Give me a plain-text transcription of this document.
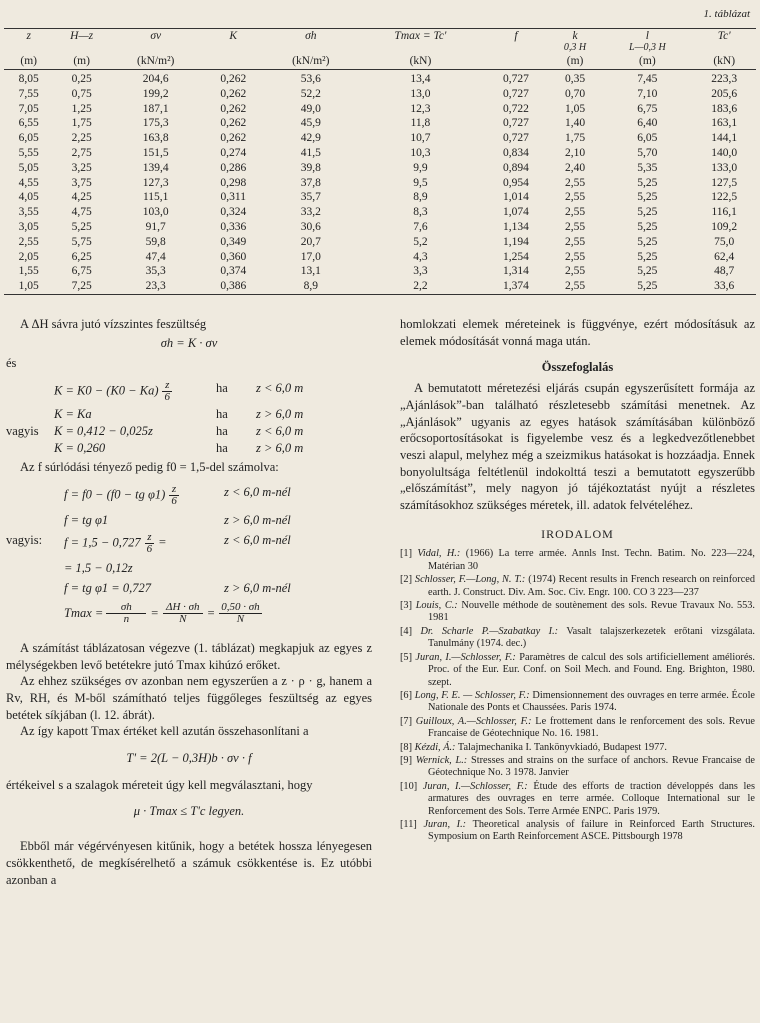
1. táblázat
z	H—z	σv	K	σh	Tmax = Tc'	f	k	l	Tc'
							0,3 H	L—0,3 H	
(m)	(m)	(kN/m²)		(kN/m²)	(kN)		(m)	(m)	(kN)
8,05	0,25	204,6	0,262	53,6	13,4	0,727	0,35	7,45	223,3
7,55	0,75	199,2	0,262	52,2	13,0	0,727	0,70	7,10	205,6
7,05	1,25	187,1	0,262	49,0	12,3	0,722	1,05	6,75	183,6
6,55	1,75	175,3	0,262	45,9	11,8	0,727	1,40	6,40	163,1
6,05	2,25	163,8	0,262	42,9	10,7	0,727	1,75	6,05	144,1
5,55	2,75	151,5	0,274	41,5	10,3	0,834	2,10	5,70	140,0
5,05	3,25	139,4	0,286	39,8	9,9	0,894	2,40	5,35	133,0
4,55	3,75	127,3	0,298	37,8	9,5	0,954	2,55	5,25	127,5
4,05	4,25	115,1	0,311	35,7	8,9	1,014	2,55	5,25	122,5
3,55	4,75	103,0	0,324	33,2	8,3	1,074	2,55	5,25	116,1
3,05	5,25	91,7	0,336	30,6	7,6	1,134	2,55	5,25	109,2
2,55	5,75	59,8	0,349	20,7	5,2	1,194	2,55	5,25	75,0
2,05	6,25	47,4	0,360	17,0	4,3	1,254	2,55	5,25	62,4
1,55	6,75	35,3	0,374	13,1	3,3	1,314	2,55	5,25	48,7
1,05	7,25	23,3	0,386	8,9	2,2	1,374	2,55	5,25	33,6

A ΔH sávra jutó vízszintes feszültség

σh = K · σv

és

$K = K0 - (K0 - Ka) \frac{z}{6}$	ha z < 6,0 m
K = Ka	ha z > 6,0 m
vagyis K = 0,412 − 0,025z	ha z < 6,0 m
K = 0,260	ha z > 6,0 m

Az f súrlódási tényező pedig f0 = 1,5-del számolva:

f = f0 − (f0 − tg $\varphi 1) \frac{z}{6}$	z < 6,0 m-nél
f = tg φ1	z > 6,0 m-nél
vagyis: $f = 1,5 - 0,727 \frac{z}{6}$ =	z < 6,0 m-nél
= 1,5 − 0,12z
f = tg φ1 = 0,727	z > 6,0 m-nél
$Tmax = \frac{\sigma h}{n} = \frac{\Delta H \cdot \sigma h}{N} = \frac{0,50 \cdot \sigma h}{N}$

A számítást táblázatosan végezve (1. táblázat) megkapjuk az egyes z mélységekben levő betétekre jutó Tmax kihúzó erőket.

Az ehhez szükséges σv azonban nem egyszerűen a z · ρ · g, hanem a Rv, RH, és M-ből számítható teljes függőleges feszültség az egyes betétek síkjában (l. 12. ábrát).

Az így kapott Tmax értéket kell azután összehasonlítani a

T' = 2(L − 0,3H)b · σv · f

értékeivel s a szalagok méreteit úgy kell megválasztani, hogy

μ · Tmax ≤ T'c legyen.

Ebből már végérvényesen kitűnik, hogy a betétek hossza lényegesen csökkenthető, de megkísérelhető a számuk csökkentése is. Ez utóbbi azonban a

homlokzati elemek méreteinek is függvénye, ezért módosításuk az elemek módosítását vonná maga után.

Összefoglalás

A bemutatott méretezési eljárás csupán egyszerűsített formája az „Ajánlások”-ban található részletesebb számítási menetnek. Az „Ajánlások” ugyanis az egyes hatások számításában különböző erőcsoportosításokat is figyelembe vesz és a legkedvezőtlenebbet veszi alapul, melyhez még a szeizmikus hatásokat is hozzáadja. Ennek bonyolultsága feltétlenül indokolttá teszi a bemutatott egyszerűbb „előszámítást”, mely nagyon jó tájékoztatást nyújt a részletes számításokhoz szükséges méretek, ill. adatok felvételéhez.

IRODALOM

[1] Vidal, H.: (1966) La terre armée. Annls Inst. Techn. Batim. No. 223—224, Matérian 30

[2] Schlosser, F.—Long, N. T.: (1974) Recent results in French research on reinforced earth. J. Construct. Div. Am. Soc. Civ. Engr. 100. CO 3 223—237

[3] Louis, C.: Nouvelle méthode de soutènement des sols. Revue Travaux No. 553. 1981

[4] Dr. Scharle P.—Szabatkay I.: Vasalt talajszerkezetek erőtani vizsgálata. Tanulmány (1974. dec.)

[5] Juran, I.—Schlosser, F.: Paramètres de calcul des sols artificiellement améliorés. Proc. of the Eur. Eur. Conf. on Soil Mech. and Found. Eng. Brighton, 1980. szept.

[6] Long, F. E. — Schlosser, F.: Dimensionnement des ouvrages en terre armée. École Nationale des Ponts et Chaussées. Paris 1974.

[7] Guilloux, A.—Schlosser, F.: Le frottement dans le renforcement des sols. Revue Francaise de Géotechnique No. 16. 1981.

[8] Kézdi, Á.: Talajmechanika I. Tankönyvkiadó, Budapest 1977.

[9] Wernick, L.: Stresses and strains on the surface of anchors. Revue Francaise de Géotechnique No. 3 1978. Janvier

[10] Juran, I.—Schlosser, F.: Étude des efforts de traction développés dans les armatures des ouvrages en terre armée. Colloque International sur le Renforcement des Sols. Terre Armée ENPC. Paris 1979.

[11] Juran, I.: Theoretical analysis of failure in Reinforced Earth Structures. Symposium on Earth Reinforcement ASCE. Pittsbourgh 1978
